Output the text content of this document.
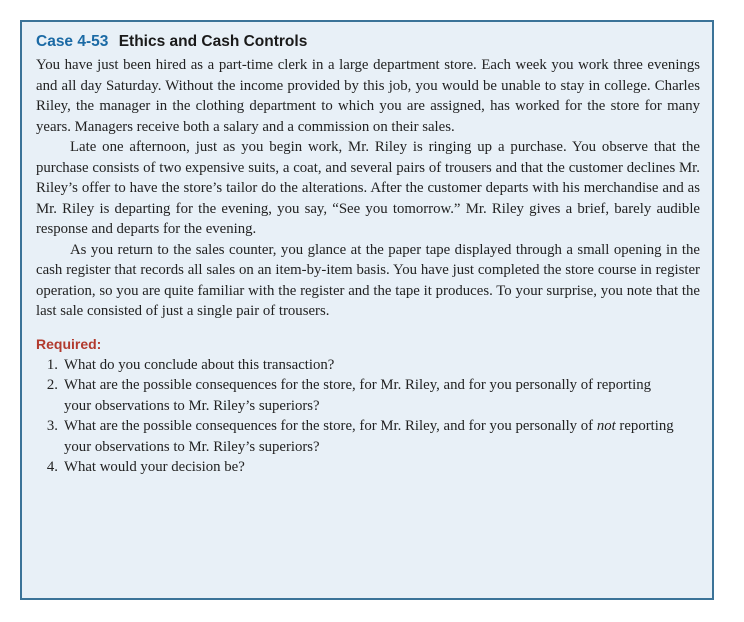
Case 4-53 Ethics and Cash Controls

You have just been hired as a part-time clerk in a large department store. Each week you work three evenings and all day Saturday. Without the income provided by this job, you would be unable to stay in college. Charles Riley, the manager in the clothing department to which you are assigned, has worked for the store for many years. Managers receive both a salary and a commission on their sales.

Late one afternoon, just as you begin work, Mr. Riley is ringing up a purchase. You observe that the purchase consists of two expensive suits, a coat, and several pairs of trousers and that the customer declines Mr. Riley’s offer to have the store’s tailor do the alterations. After the customer departs with his merchandise and as Mr. Riley is departing for the evening, you say, “See you tomorrow.” Mr. Riley gives a brief, barely audible response and departs for the evening.

As you return to the sales counter, you glance at the paper tape displayed through a small opening in the cash register that records all sales on an item-by-item basis. You have just completed the store course in register operation, so you are quite familiar with the register and the tape it produces. To your surprise, you note that the last sale consisted of just a single pair of trousers.

Required:
1. What do you conclude about this transaction?
2. What are the possible consequences for the store, for Mr. Riley, and for you personally of reporting your observations to Mr. Riley’s superiors?
3. What are the possible consequences for the store, for Mr. Riley, and for you personally of not reporting your observations to Mr. Riley’s superiors?
4. What would your decision be?
